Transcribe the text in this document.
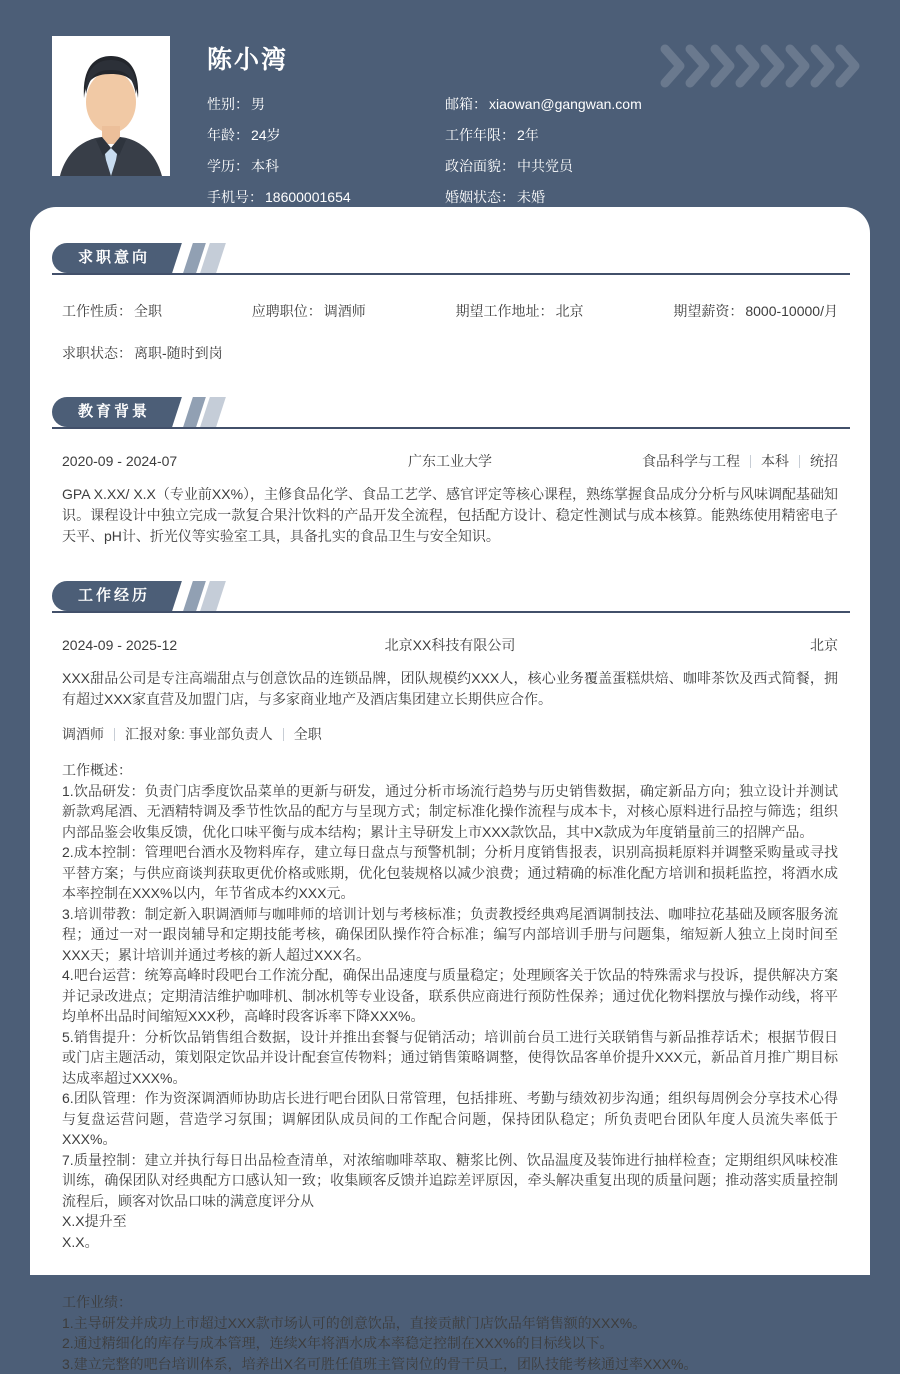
陈小湾
性别： 男	邮箱： xiaowan@gangwan.com
年龄： 24岁	工作年限： 2年
学历： 本科	政治面貌： 中共党员
手机号： 18600001654	婚姻状态： 未婚
求职意向
工作性质： 全职	应聘职位： 调酒师	期望工作地址： 北京	期望薪资： 8000-10000/月
求职状态： 离职-随时到岗
教育背景
2020-09 - 2024-07	广东工业大学	食品科学与工程 本科 统招

GPA X.XX/ X.X（专业前XX%），主修食品化学、食品工艺学、感官评定等核心课程，熟练掌握食品成分分析与风味调配基础知识。课程设计中独立完成一款复合果汁饮料的产品开发全流程，包括配方设计、稳定性测试与成本核算。能熟练使用精密电子天平、pH计、折光仪等实验室工具，具备扎实的食品卫生与安全知识。

工作经历
2024-09 - 2025-12	北京XX科技有限公司	北京

XXX甜品公司是专注高端甜点与创意饮品的连锁品牌，团队规模约XXX人，核心业务覆盖蛋糕烘焙、咖啡茶饮及西式简餐，拥有超过XXX家直营及加盟门店，与多家商业地产及酒店集团建立长期供应合作。

调酒师 汇报对象: 事业部负责人 全职

工作概述：

1.饮品研发：负责门店季度饮品菜单的更新与研发，通过分析市场流行趋势与历史销售数据，确定新品方向；独立设计并测试新款鸡尾酒、无酒精特调及季节性饮品的配方与呈现方式；制定标准化操作流程与成本卡，对核心原料进行品控与筛选；组织内部品鉴会收集反馈，优化口味平衡与成本结构；累计主导研发上市XXX款饮品，其中X款成为年度销量前三的招牌产品。

2.成本控制：管理吧台酒水及物料库存，建立每日盘点与预警机制；分析月度销售报表，识别高损耗原料并调整采购量或寻找平替方案；与供应商谈判获取更优价格或账期，优化包装规格以减少浪费；通过精确的标准化配方培训和损耗监控，将酒水成本率控制在XXX%以内，年节省成本约XXX元。

3.培训带教：制定新入职调酒师与咖啡师的培训计划与考核标准；负责教授经典鸡尾酒调制技法、咖啡拉花基础及顾客服务流程；通过一对一跟岗辅导和定期技能考核，确保团队操作符合标准；编写内部培训手册与问题集，缩短新人独立上岗时间至XXX天；累计培训并通过考核的新人超过XXX名。

4.吧台运营：统筹高峰时段吧台工作流分配，确保出品速度与质量稳定；处理顾客关于饮品的特殊需求与投诉，提供解决方案并记录改进点；定期清洁维护咖啡机、制冰机等专业设备，联系供应商进行预防性保养；通过优化物料摆放与操作动线，将平均单杯出品时间缩短XXX秒，高峰时段客诉率下降XXX%。

5.销售提升：分析饮品销售组合数据，设计并推出套餐与促销活动；培训前台员工进行关联销售与新品推荐话术；根据节假日或门店主题活动，策划限定饮品并设计配套宣传物料；通过销售策略调整，使得饮品客单价提升XXX元，新品首月推广期目标达成率超过XXX%。

6.团队管理：作为资深调酒师协助店长进行吧台团队日常管理，包括排班、考勤与绩效初步沟通；组织每周例会分享技术心得与复盘运营问题，营造学习氛围；调解团队成员间的工作配合问题，保持团队稳定；所负责吧台团队年度人员流失率低于XXX%。

7.质量控制：建立并执行每日出品检查清单，对浓缩咖啡萃取、糖浆比例、饮品温度及装饰进行抽样检查；定期组织风味校准训练，确保团队对经典配方口感认知一致；收集顾客反馈并追踪差评原因，牵头解决重复出现的质量问题；推动落实质量控制流程后，顾客对饮品口味的满意度评分从

X.X提升至

X.X。

工作业绩：

1.主导研发并成功上市超过XXX款市场认可的创意饮品，直接贡献门店饮品年销售额的XXX%。

2.通过精细化的库存与成本管理，连续X年将酒水成本率稳定控制在XXX%的目标线以下。

3.建立完整的吧台培训体系，培养出X名可胜任值班主管岗位的骨干员工，团队技能考核通过率XXX%。
